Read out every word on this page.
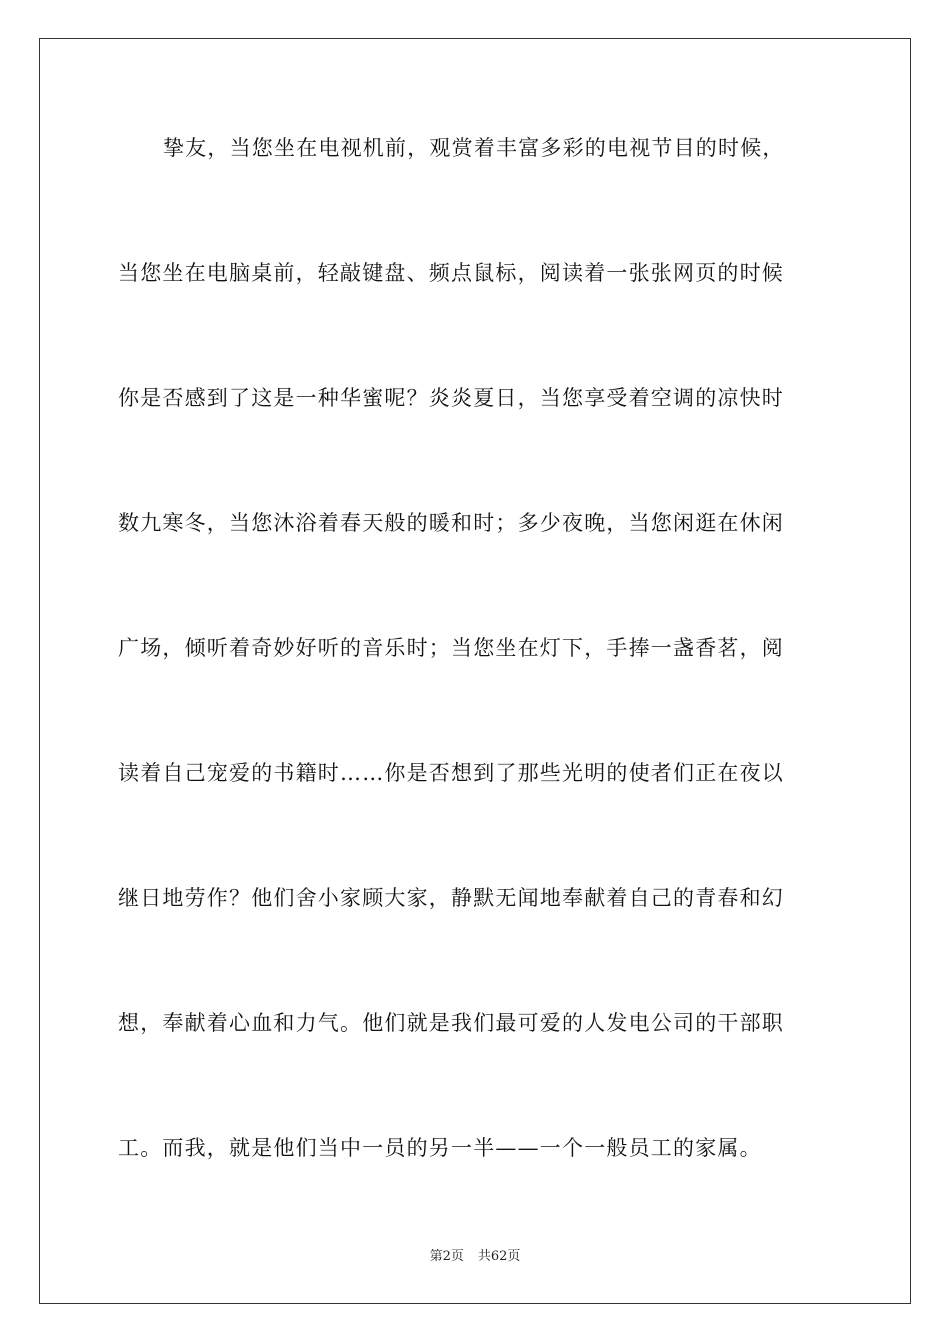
挚友，当您坐在电视机前，观赏着丰富多彩的电视节目的时候，
当您坐在电脑桌前，轻敲键盘、频点鼠标，阅读着一张张网页的时候
你是否感到了这是一种华蜜呢？炎炎夏日，当您享受着空调的凉快时
数九寒冬，当您沐浴着春天般的暖和时；多少夜晚，当您闲逛在休闲
广场，倾听着奇妙好听的音乐时；当您坐在灯下，手捧一盏香茗，阅
读着自己宠爱的书籍时……你是否想到了那些光明的使者们正在夜以
继日地劳作？他们舍小家顾大家，静默无闻地奉献着自己的青春和幻
想，奉献着心血和力气。他们就是我们最可爱的人发电公司的干部职
工。而我，就是他们当中一员的另一半——一个一般员工的家属。
第2页 共62页
